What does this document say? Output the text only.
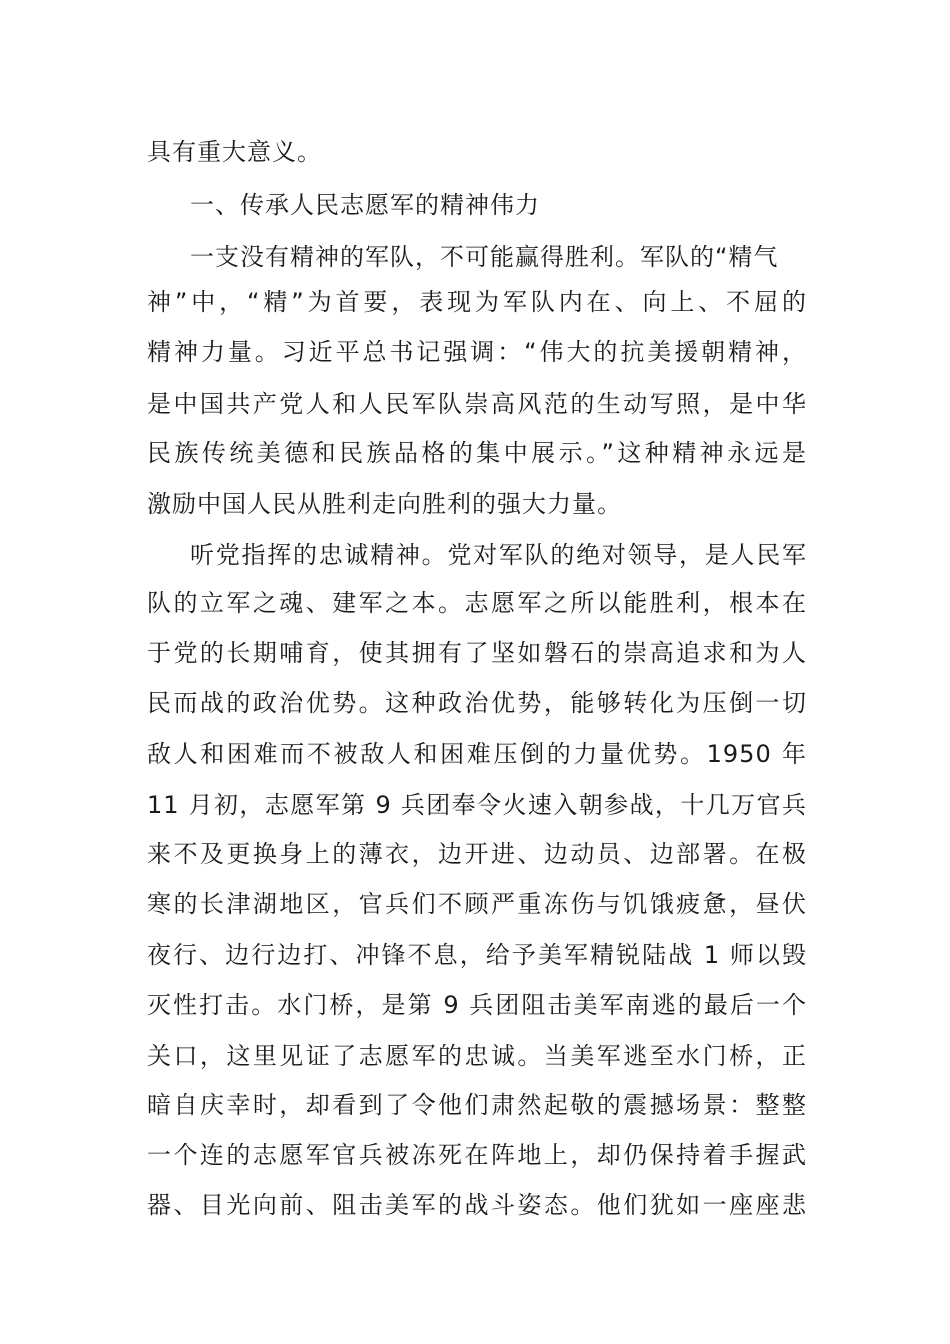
具有重大意义。
一、传承人民志愿军的精神伟力
一支没有精神的军队，不可能赢得胜利。军队的“精气
神”中，“精”为首要，表现为军队内在、向上、不屈的
精神力量。习近平总书记强调：“伟大的抗美援朝精神，
是中国共产党人和人民军队崇高风范的生动写照，是中华
民族传统美德和民族品格的集中展示。”这种精神永远是
激励中国人民从胜利走向胜利的强大力量。
听党指挥的忠诚精神。党对军队的绝对领导，是人民军
队的立军之魂、建军之本。志愿军之所以能胜利，根本在
于党的长期哺育，使其拥有了坚如磐石的崇高追求和为人
民而战的政治优势。这种政治优势，能够转化为压倒一切
敌人和困难而不被敌人和困难压倒的力量优势。1950 年
11 月初，志愿军第 9 兵团奉令火速入朝参战，十几万官兵
来不及更换身上的薄衣，边开进、边动员、边部署。在极
寒的长津湖地区，官兵们不顾严重冻伤与饥饿疲惫，昼伏
夜行、边行边打、冲锋不息，给予美军精锐陆战 1 师以毁
灭性打击。水门桥，是第 9 兵团阻击美军南逃的最后一个
关口，这里见证了志愿军的忠诚。当美军逃至水门桥，正
暗自庆幸时，却看到了令他们肃然起敬的震撼场景：整整
一个连的志愿军官兵被冻死在阵地上，却仍保持着手握武
器、目光向前、阻击美军的战斗姿态。他们犹如一座座悲
